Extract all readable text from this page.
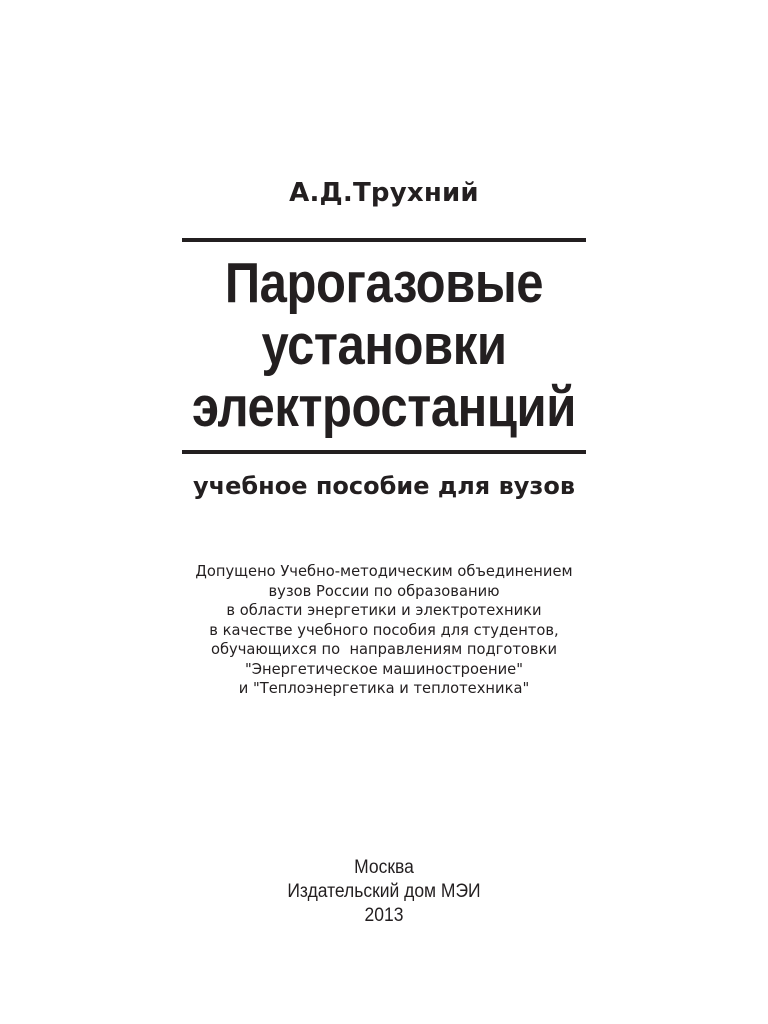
А.Д.Трухний
Парогазовые
установки
электростанций
учебное пособие для вузов
Допущено Учебно-методическим объединением
вузов России по образованию
в области энергетики и электротехники
в качестве учебного пособия для студентов,
обучающихся по  направлениям подготовки
"Энергетическое машиностроение"
и "Теплоэнергетика и теплотехника"
Москва
Издательский дом МЭИ
2013
